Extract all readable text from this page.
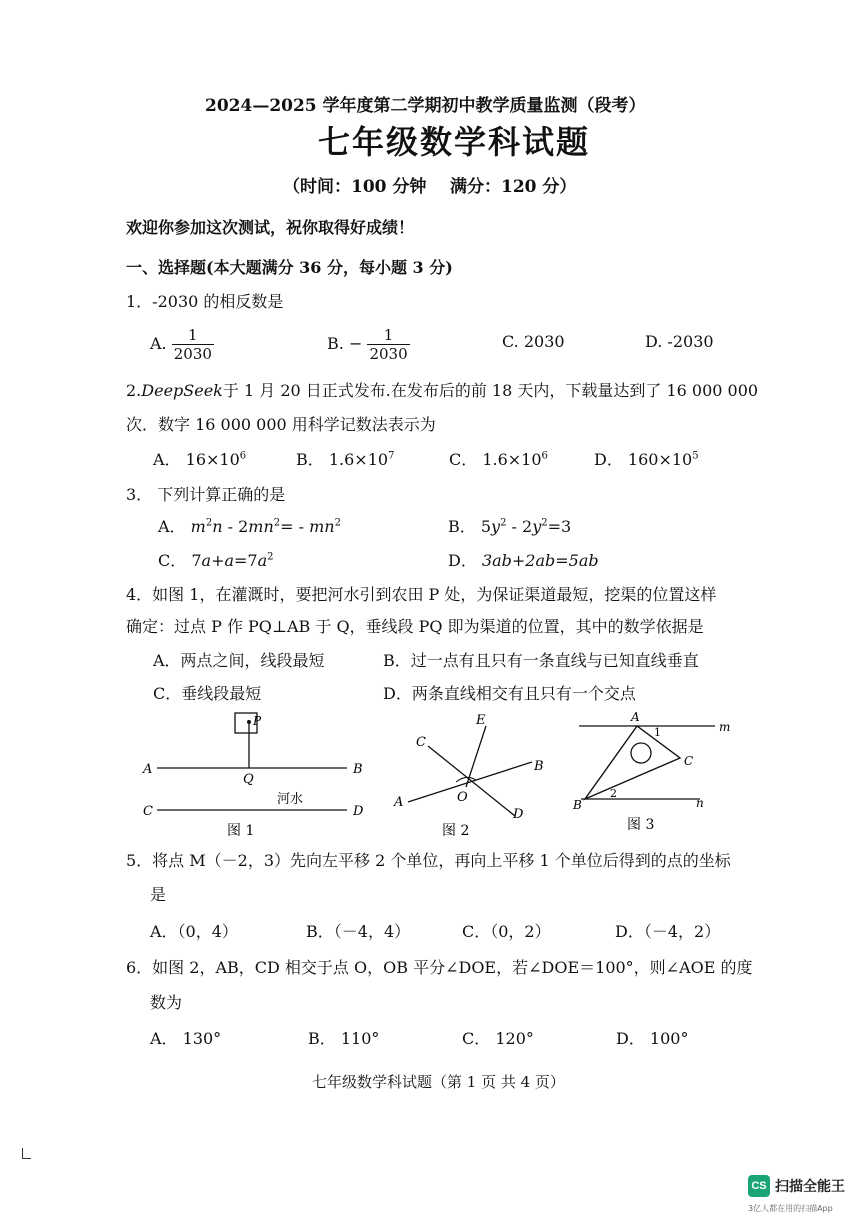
2024—2025 学年度第二学期初中教学质量监测（段考）
七年级数学科试题
（时间：100 分钟 满分：120 分）
欢迎你参加这次测试，祝你取得好成绩！
一、选择题(本大题满分 36 分，每小题 3 分)
1．-2030 的相反数是
A. $\frac{1}{2030}$	B. − $\frac{1}{2030}$	C. 2030	D. -2030
2.DeepSeek于 1 月 20 日正式发布.在发布后的前 18 天内，下载量达到了 16 000 000
次．数字 16 000 000 用科学记数法表示为
A． $16\times 10^6$	B． $1.6\times 10^7$	C． $1.6\times 10^6$	D． $160\times 10^5$
3． 下列计算正确的是
A． $m^2n - 2mn^2= - mn^2$	B． $5y^2 - 2y^2=3$
C． $7a+a=7a^2$	D． 3ab+2ab=5ab
4．如图 1，在灌溉时，要把河水引到农田 P 处，为保证渠道最短，挖渠的位置这样
确定：过点 P 作 PQ⊥AB 于 Q，垂线段 PQ 即为渠道的位置，其中的数学依据是
A．两点之间，线段最短	B．过一点有且只有一条直线与已知直线垂直
C．垂线段最短	D．两条直线相交有且只有一个交点
P
Q
A	B
C	D
河水
图 1
C
E
B
A	O
D
图 2
A
B
C
m
n
1
2
图 3
5．将点 M（－2，3）先向左平移 2 个单位，再向上平移 1 个单位后得到的点的坐标
是
A．（0，4）	B．（－4，4）	C．（0，2）	D．（－4，2）
6．如图 2，AB，CD 相交于点 O，OB 平分∠DOE，若∠DOE＝100°，则∠AOE 的度
数为
A． 130°	B． 110°	C． 120°	D． 100°
七年级数学科试题（第 1 页 共 4 页）
CS 扫描全能王
3亿人都在用的扫描App
